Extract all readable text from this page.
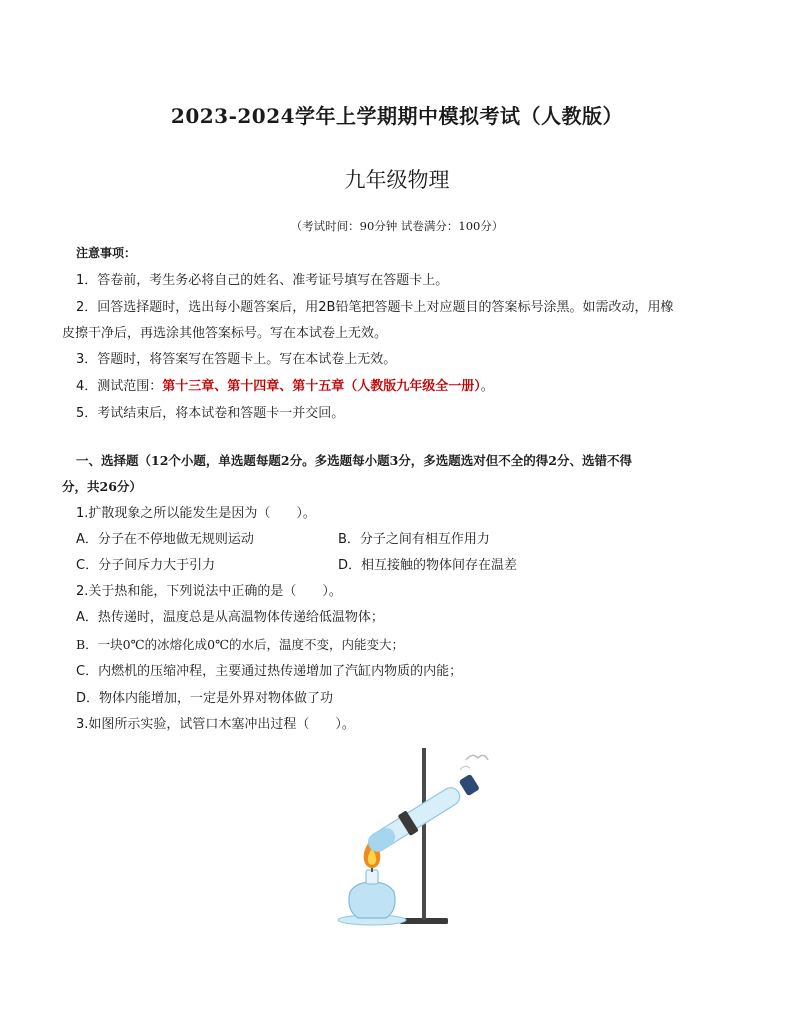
2023-2024学年上学期期中模拟考试（人教版）
九年级物理
（考试时间：90分钟 试卷满分：100分）
注意事项：
1．答卷前，考生务必将自己的姓名、准考证号填写在答题卡上。
2．回答选择题时，选出每小题答案后，用2B铅笔把答题卡上对应题目的答案标号涂黑。如需改动，用橡
皮擦干净后，再选涂其他答案标号。写在本试卷上无效。
3．答题时，将答案写在答题卡上。写在本试卷上无效。
4．测试范围：第十三章、第十四章、第十五章（人教版九年级全一册）。
5．考试结束后，将本试卷和答题卡一并交回。
一、选择题（12个小题，单选题每题2分。多选题每小题3分，多选题选对但不全的得2分、选错不得
分，共26分）
1.扩散现象之所以能发生是因为（　　）。
A．分子在不停地做无规则运动	B．分子之间有相互作用力
C．分子间斥力大于引力	D．相互接触的物体间存在温差
2.关于热和能，下列说法中正确的是（　　）。
A．热传递时，温度总是从高温物体传递给低温物体；
B．一块0℃的冰熔化成0℃的水后，温度不变，内能变大；
C．内燃机的压缩冲程，主要通过热传递增加了汽缸内物质的内能；
D．物体内能增加，一定是外界对物体做了功
3.如图所示实验，试管口木塞冲出过程（　　）。
